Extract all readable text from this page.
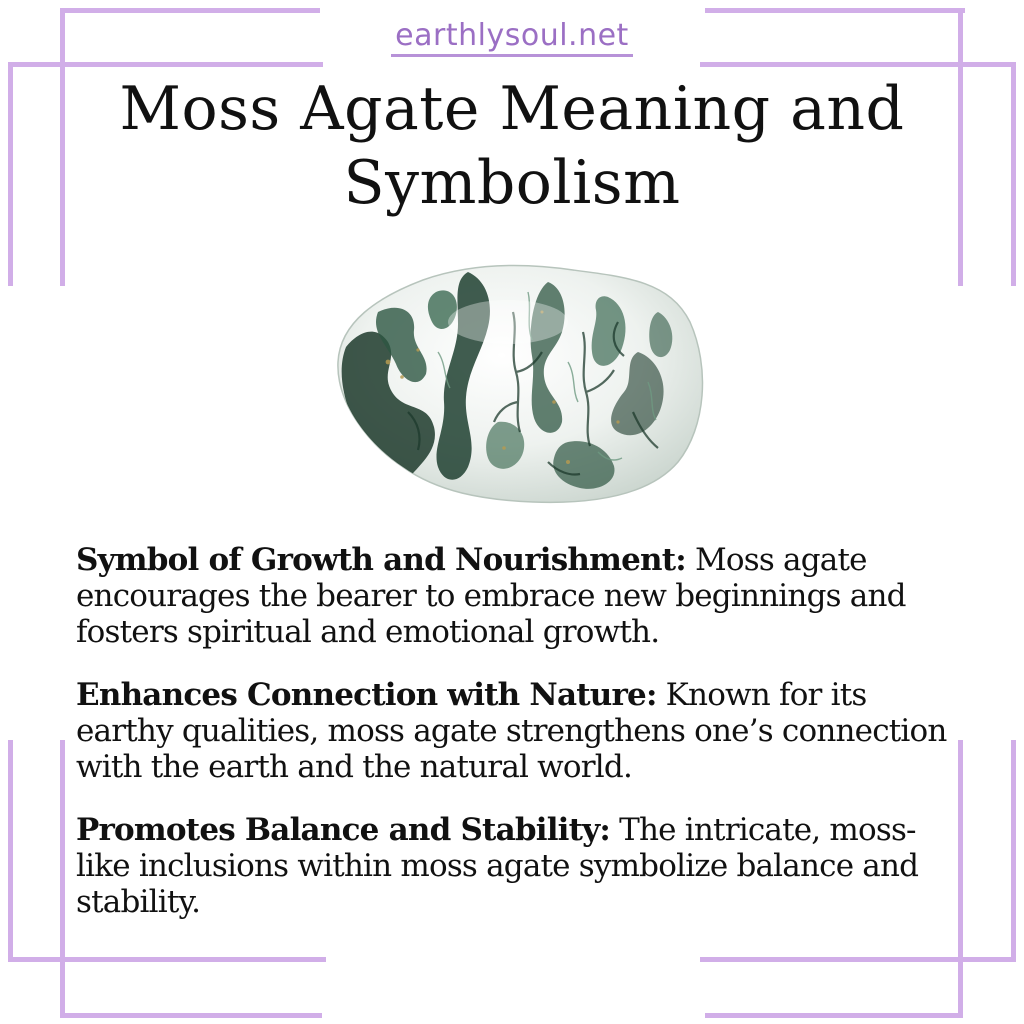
earthlysoul.net
Moss Agate Meaning and
Symbolism

Symbol of Growth and Nourishment: Moss agate encourages the bearer to embrace new beginnings and fosters spiritual and emotional growth.

Enhances Connection with Nature: Known for its earthy qualities, moss agate strengthens one’s connection with the earth and the natural world.

Promotes Balance and Stability: The intricate, moss-like inclusions within moss agate symbolize balance and stability.
